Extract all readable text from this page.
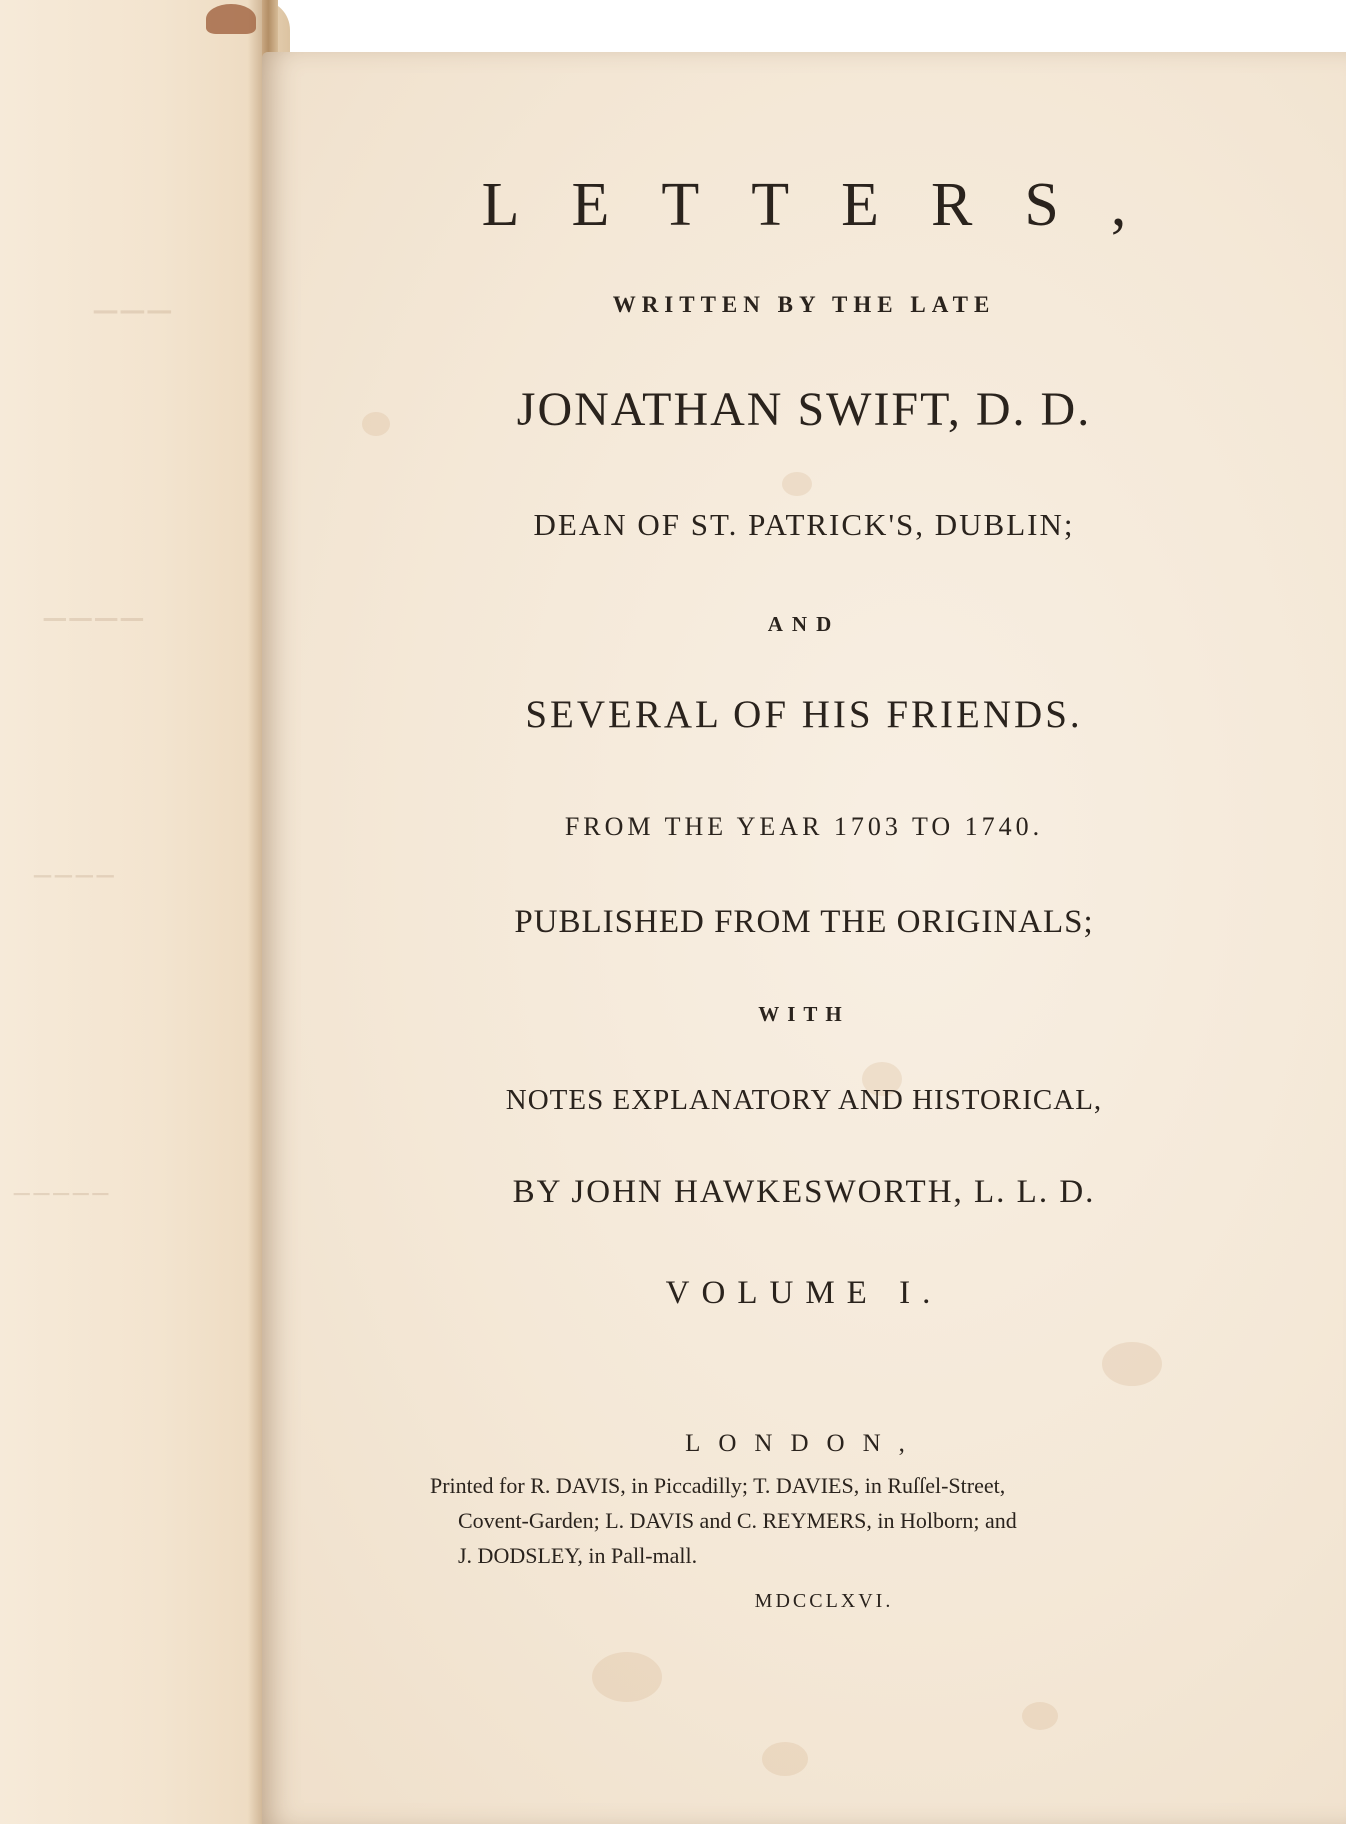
───
────
────
─────
LETTERS,
WRITTEN BY THE LATE
JONATHAN SWIFT, D. D.
DEAN OF ST. PATRICK'S, DUBLIN;
AND
SEVERAL OF HIS FRIENDS.
FROM THE YEAR 1703 TO 1740.
PUBLISHED FROM THE ORIGINALS;
WITH
NOTES EXPLANATORY AND HISTORICAL,
BY JOHN HAWKESWORTH, L. L. D.
VOLUME I.
LONDON,
Printed for R. DAVIS, in Piccadilly; T. DAVIES, in Ruſſel-Street,
Covent-Garden; L. DAVIS and C. REYMERS, in Holborn; and
J. DODSLEY, in Pall-mall.
MDCCLXVI.
